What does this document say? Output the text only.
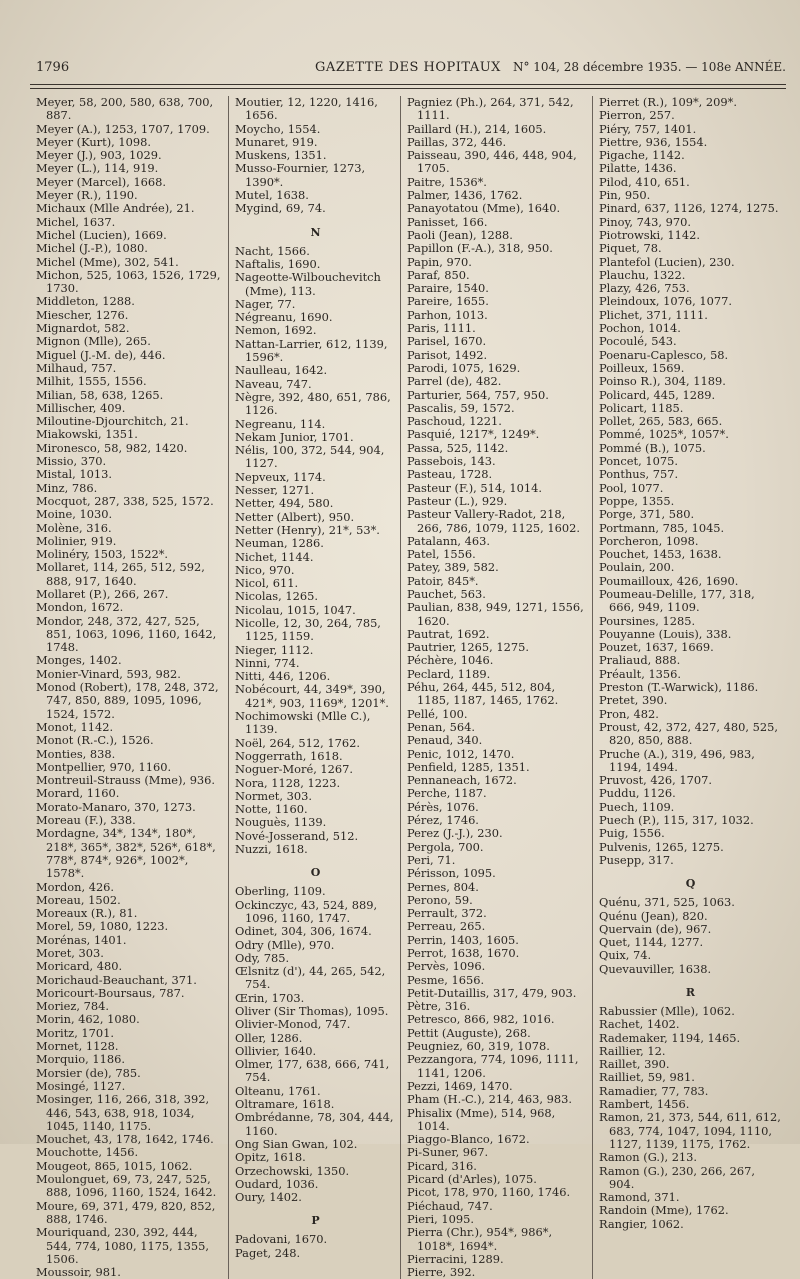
1796	GAZETTE DES HOPITAUX	N° 104, 28 décembre 1935. — 108e ANNÉE.
Meyer, 58, 200, 580, 638, 700, 887.
Meyer (A.), 1253, 1707, 1709.
Meyer (Kurt), 1098.
Meyer (J.), 903, 1029.
Meyer (L.), 114, 919.
Meyer (Marcel), 1668.
Meyer (R.), 1190.
Michaux (Mlle Andrée), 21.
Michel, 1637.
Michel (Lucien), 1669.
Michel (J.-P.), 1080.
Michel (Mme), 302, 541.
Michon, 525, 1063, 1526, 1729, 1730.
Middleton, 1288.
Miescher, 1276.
Mignardot, 582.
Mignon (Mlle), 265.
Miguel (J.-M. de), 446.
Milhaud, 757.
Milhit, 1555, 1556.
Milian, 58, 638, 1265.
Millischer, 409.
Miloutine-Djourchitch, 21.
Miakowski, 1351.
Mironesco, 58, 982, 1420.
Missio, 370.
Mistal, 1013.
Minz, 786.
Mocquot, 287, 338, 525, 1572.
Moine, 1030.
Molène, 316.
Molinier, 919.
Molinéry, 1503, 1522*.
Mollaret, 114, 265, 512, 592, 888, 917, 1640.
Mollaret (P.), 266, 267.
Mondon, 1672.
Mondor, 248, 372, 427, 525, 851, 1063, 1096, 1160, 1642, 1748.
Monges, 1402.
Monier-Vinard, 593, 982.
Monod (Robert), 178, 248, 372, 747, 850, 889, 1095, 1096, 1524, 1572.
Monot, 1142.
Monot (R.-C.), 1526.
Monties, 838.
Montpellier, 970, 1160.
Montreuil-Strauss (Mme), 936.
Morard, 1160.
Morato-Manaro, 370, 1273.
Moreau (F.), 338.
Mordagne, 34*, 134*, 180*, 218*, 365*, 382*, 526*, 618*, 778*, 874*, 926*, 1002*, 1578*.
Mordon, 426.
Moreau, 1502.
Moreaux (R.), 81.
Morel, 59, 1080, 1223.
Morénas, 1401.
Moret, 303.
Moricard, 480.
Morichaud-Beauchant, 371.
Moricourt-Boursaus, 787.
Moriez, 784.
Morin, 462, 1080.
Moritz, 1701.
Mornet, 1128.
Morquio, 1186.
Morsier (de), 785.
Mosingé, 1127.
Mosinger, 116, 266, 318, 392, 446, 543, 638, 918, 1034, 1045, 1140, 1175.
Mouchet, 43, 178, 1642, 1746.
Mouchotte, 1456.
Mougeot, 865, 1015, 1062.
Moulonguet, 69, 73, 247, 525, 888, 1096, 1160, 1524, 1642.
Moure, 69, 371, 479, 820, 852, 888, 1746.
Mouriquand, 230, 392, 444, 544, 774, 1080, 1175, 1355, 1506.
Moussoir, 981.
Moutier, 12, 1220, 1416, 1656.
Moycho, 1554.
Munaret, 919.
Muskens, 1351.
Musso-Fournier, 1273, 1390*.
Mutel, 1638.
Mygind, 69, 74.
N
Nacht, 1566.
Naftalis, 1690.
Nageotte-Wilbouchevitch (Mme), 113.
Nager, 77.
Négreanu, 1690.
Nemon, 1692.
Nattan-Larrier, 612, 1139, 1596*.
Naulleau, 1642.
Naveau, 747.
Nègre, 392, 480, 651, 786, 1126.
Negreanu, 114.
Nekam Junior, 1701.
Nélis, 100, 372, 544, 904, 1127.
Nepveux, 1174.
Nesser, 1271.
Netter, 494, 580.
Netter (Albert), 950.
Netter (Henry), 21*, 53*.
Neuman, 1286.
Nichet, 1144.
Nico, 970.
Nicol, 611.
Nicolas, 1265.
Nicolau, 1015, 1047.
Nicolle, 12, 30, 264, 785, 1125, 1159.
Nieger, 1112.
Ninni, 774.
Nitti, 446, 1206.
Nobécourt, 44, 349*, 390, 421*, 903, 1169*, 1201*.
Nochimowski (Mlle C.), 1139.
Noël, 264, 512, 1762.
Noggerrath, 1618.
Noguer-Moré, 1267.
Nora, 1128, 1223.
Normet, 303.
Notte, 1160.
Nouguès, 1139.
Nové-Josserand, 512.
Nuzzi, 1618.
O
Oberling, 1109.
Ockinczyc, 43, 524, 889, 1096, 1160, 1747.
Odinet, 304, 306, 1674.
Odry (Mlle), 970.
Ody, 785.
Œlsnitz (d'), 44, 265, 542, 754.
Œrin, 1703.
Oliver (Sir Thomas), 1095.
Olivier-Monod, 747.
Oller, 1286.
Ollivier, 1640.
Olmer, 177, 638, 666, 741, 754.
Olteanu, 1761.
Oltramare, 1618.
Ombrédanne, 78, 304, 444, 1160.
Ong Sian Gwan, 102.
Opitz, 1618.
Orzechowski, 1350.
Oudard, 1036.
Oury, 1402.
P
Padovani, 1670.
Paget, 248.
Pagniez (Ph.), 264, 371, 542, 1111.
Paillard (H.), 214, 1605.
Paillas, 372, 446.
Paisseau, 390, 446, 448, 904, 1705.
Paitre, 1536*.
Palmer, 1436, 1762.
Panayotatou (Mme), 1640.
Panisset, 166.
Paoli (Jean), 1288.
Papillon (F.-A.), 318, 950.
Papin, 970.
Paraf, 850.
Paraire, 1540.
Pareire, 1655.
Parhon, 1013.
Paris, 1111.
Parisel, 1670.
Parisot, 1492.
Parodi, 1075, 1629.
Parrel (de), 482.
Parturier, 564, 757, 950.
Pascalis, 59, 1572.
Paschoud, 1221.
Pasquié, 1217*, 1249*.
Passa, 525, 1142.
Passebois, 143.
Pasteau, 1728.
Pasteur (F.), 514, 1014.
Pasteur (L.), 929.
Pasteur Vallery-Radot, 218, 266, 786, 1079, 1125, 1602.
Patalann, 463.
Patel, 1556.
Patey, 389, 582.
Patoir, 845*.
Pauchet, 563.
Paulian, 838, 949, 1271, 1556, 1620.
Pautrat, 1692.
Pautrier, 1265, 1275.
Péchère, 1046.
Peclard, 1189.
Péhu, 264, 445, 512, 804, 1185, 1187, 1465, 1762.
Pellé, 100.
Penan, 564.
Penaud, 340.
Penic, 1012, 1470.
Penfield, 1285, 1351.
Pennaneach, 1672.
Perche, 1187.
Pérès, 1076.
Pérez, 1746.
Perez (J.-J.), 230.
Pergola, 700.
Peri, 71.
Périsson, 1095.
Pernes, 804.
Perono, 59.
Perrault, 372.
Perreau, 265.
Perrin, 1403, 1605.
Perrot, 1638, 1670.
Pervès, 1096.
Pesme, 1656.
Petit-Dutaillis, 317, 479, 903.
Pètre, 316.
Petresco, 866, 982, 1016.
Pettit (Auguste), 268.
Peugniez, 60, 319, 1078.
Pezzangora, 774, 1096, 1111, 1141, 1206.
Pezzi, 1469, 1470.
Pham (H.-C.), 214, 463, 983.
Phisalix (Mme), 514, 968, 1014.
Piaggo-Blanco, 1672.
Pi-Suner, 967.
Picard, 316.
Picard (d'Arles), 1075.
Picot, 178, 970, 1160, 1746.
Piéchaud, 747.
Pieri, 1095.
Pierra (Chr.), 954*, 986*, 1018*, 1694*.
Pierracini, 1289.
Pierre, 392.
Pierret (R.), 109*, 209*.
Pierron, 257.
Piéry, 757, 1401.
Piettre, 936, 1554.
Pigache, 1142.
Pilatte, 1436.
Pilod, 410, 651.
Pin, 950.
Pinard, 637, 1126, 1274, 1275.
Pinoy, 743, 970.
Piotrowski, 1142.
Piquet, 78.
Plantefol (Lucien), 230.
Plauchu, 1322.
Plazy, 426, 753.
Pleindoux, 1076, 1077.
Plichet, 371, 1111.
Pochon, 1014.
Pocoulé, 543.
Poenaru-Caplesco, 58.
Poilleux, 1569.
Poinso R.), 304, 1189.
Policard, 445, 1289.
Policart, 1185.
Pollet, 265, 583, 665.
Pommé, 1025*, 1057*.
Pommé (B.), 1075.
Poncet, 1075.
Ponthus, 757.
Pool, 1077.
Poppe, 1355.
Porge, 371, 580.
Portmann, 785, 1045.
Porcheron, 1098.
Pouchet, 1453, 1638.
Poulain, 200.
Poumailloux, 426, 1690.
Poumeau-Delille, 177, 318, 666, 949, 1109.
Poursines, 1285.
Pouyanne (Louis), 338.
Pouzet, 1637, 1669.
Praliaud, 888.
Préault, 1356.
Preston (T.-Warwick), 1186.
Pretet, 390.
Pron, 482.
Proust, 42, 372, 427, 480, 525, 820, 850, 888.
Pruche (A.), 319, 496, 983, 1194, 1494.
Pruvost, 426, 1707.
Puddu, 1126.
Puech, 1109.
Puech (P.), 115, 317, 1032.
Puig, 1556.
Pulvenis, 1265, 1275.
Pusepp, 317.
Q
Quénu, 371, 525, 1063.
Quénu (Jean), 820.
Quervain (de), 967.
Quet, 1144, 1277.
Quix, 74.
Quevauviller, 1638.
R
Rabussier (Mlle), 1062.
Rachet, 1402.
Rademaker, 1194, 1465.
Raillier, 12.
Raillet, 390.
Railliet, 59, 981.
Ramadier, 77, 783.
Rambert, 1456.
Ramon, 21, 373, 544, 611, 612, 683, 774, 1047, 1094, 1110, 1127, 1139, 1175, 1762.
Ramon (G.), 213.
Ramon (G.), 230, 266, 267, 904.
Ramond, 371.
Randoin (Mme), 1762.
Rangier, 1062.
